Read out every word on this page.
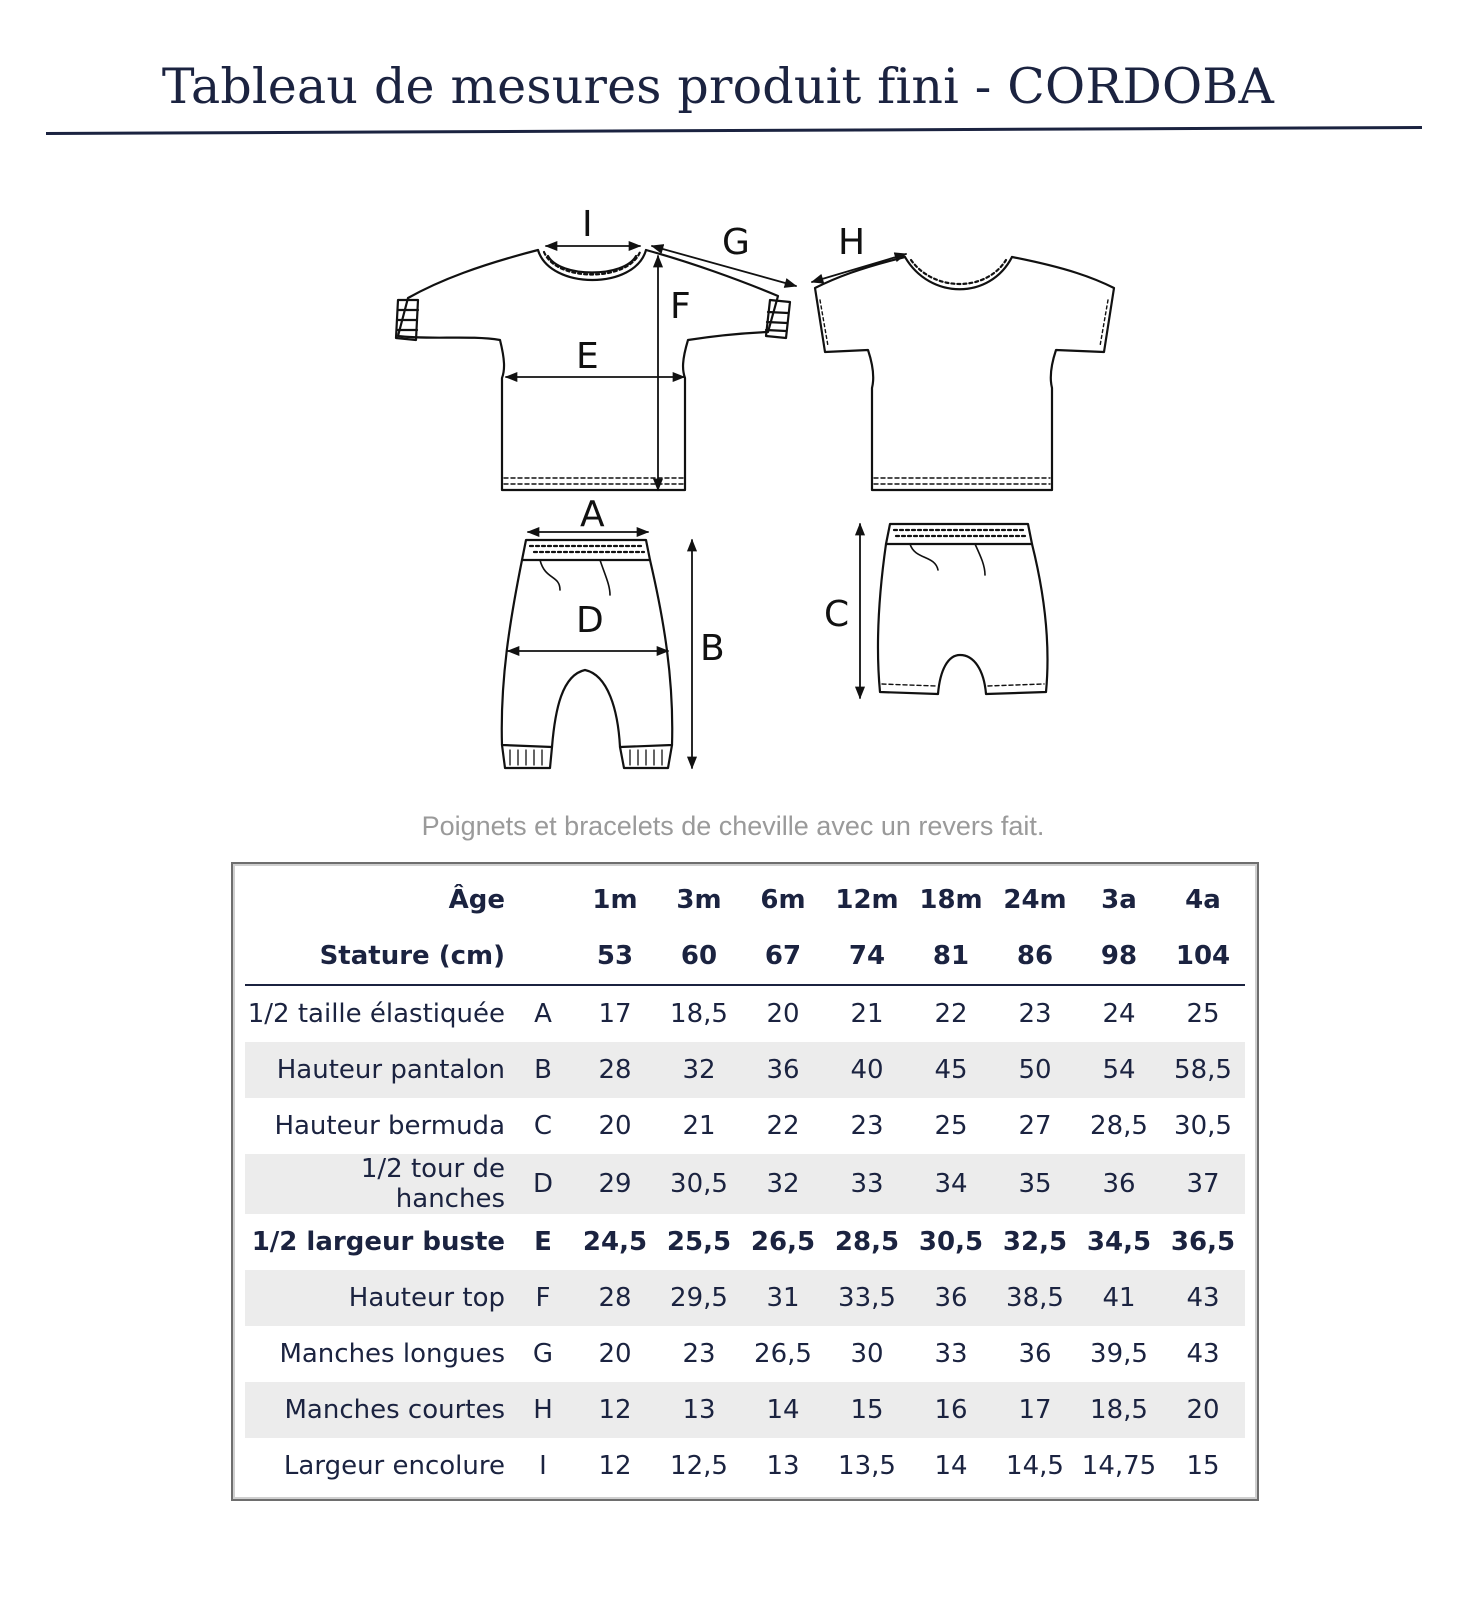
Tableau de mesures produit fini - CORDOBA
I	G H
F
E
A
D
B
C
Poignets et bracelets de cheville avec un revers fait.
Âge		1m	3m	6m	12m	18m	24m	3a	4a
Stature (cm)		53	60	67	74	81	86	98	104
1/2 taille élastiquée	A	17	18,5	20	21	22	23	24	25
Hauteur pantalon	B	28	32	36	40	45	50	54	58,5
Hauteur bermuda	C	20	21	22	23	25	27	28,5	30,5
1/2 tour de hanches	D	29	30,5	32	33	34	35	36	37
1/2 largeur buste	E	24,5	25,5	26,5	28,5	30,5	32,5	34,5	36,5
Hauteur top	F	28	29,5	31	33,5	36	38,5	41	43
Manches longues	G	20	23	26,5	30	33	36	39,5	43
Manches courtes	H	12	13	14	15	16	17	18,5	20
Largeur encolure	I	12	12,5	13	13,5	14	14,5	14,75	15
